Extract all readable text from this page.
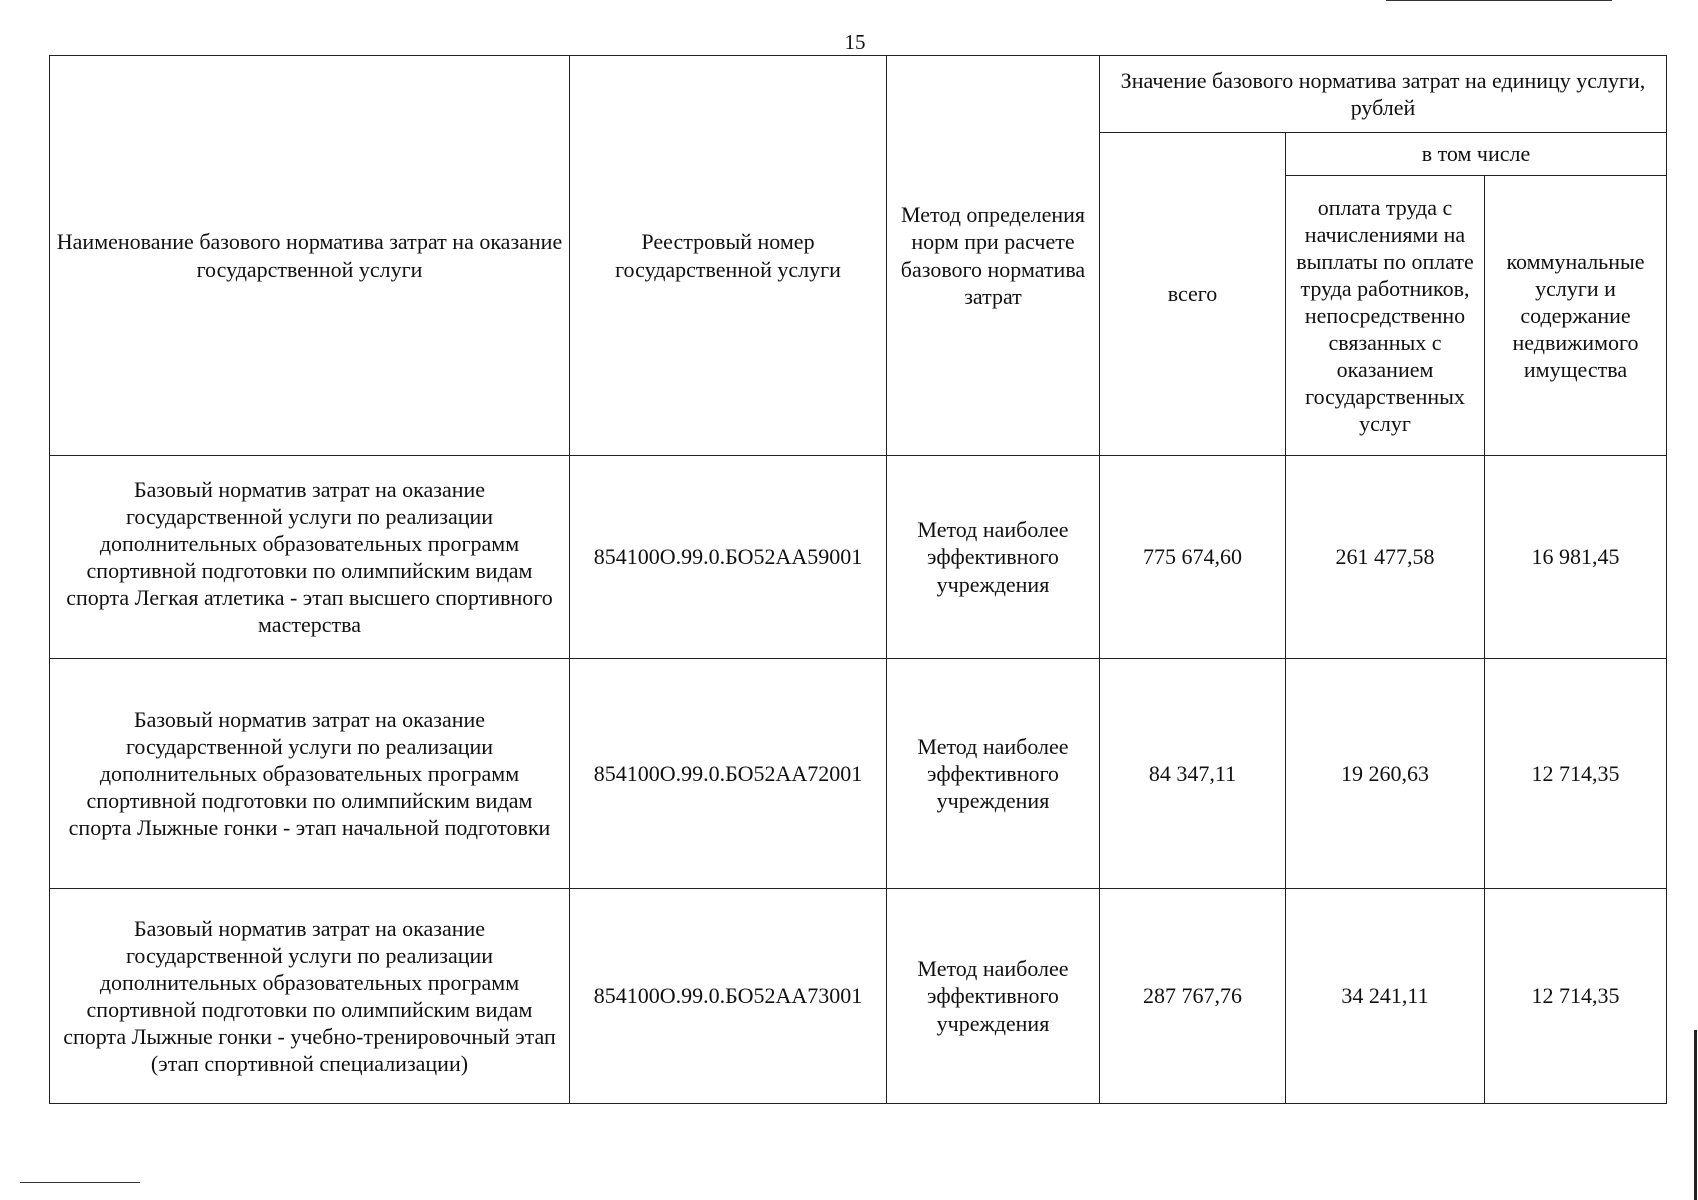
15
Наименование базового норматива затрат на оказание государственной услуги	Реестровый номер государственной услуги	Метод определения норм при расчете базового норматива затрат	Значение базового норматива затрат на единицу услуги, рублей		
			всего	в том числе	
				оплата труда с начислениями на выплаты по оплате труда работников, непосредственно связанных с оказанием государственных услуг	коммунальные услуги и содержание недвижимого имущества
Базовый норматив затрат на оказание государственной услуги по реализации дополнительных образовательных программ спортивной подготовки по олимпийским видам спорта Легкая атлетика - этап высшего спортивного мастерства	854100О.99.0.БО52АА59001	Метод наиболее эффективного учреждения	775 674,60	261 477,58	16 981,45
Базовый норматив затрат на оказание государственной услуги по реализации дополнительных образовательных программ спортивной подготовки по олимпийским видам спорта Лыжные гонки - этап начальной подготовки	854100О.99.0.БО52АА72001	Метод наиболее эффективного учреждения	84 347,11	19 260,63	12 714,35
Базовый норматив затрат на оказание государственной услуги по реализации дополнительных образовательных программ спортивной подготовки по олимпийским видам спорта Лыжные гонки - учебно-тренировочный этап (этап спортивной специализации)	854100О.99.0.БО52АА73001	Метод наиболее эффективного учреждения	287 767,76	34 241,11	12 714,35
